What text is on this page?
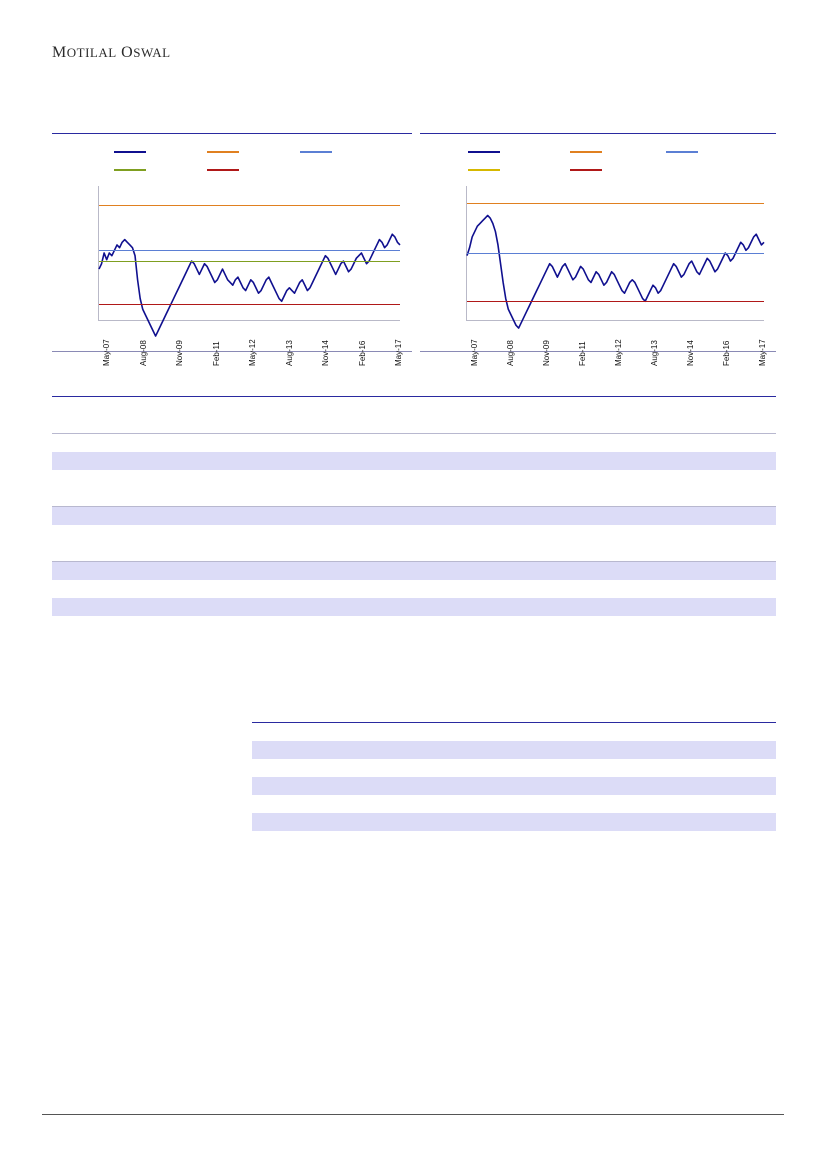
MOTILAL OSWAL
May-07	Aug-08	Nov-09	Feb-11	May-12	Aug-13	Nov-14	Feb-16	May-17	May-07	Aug-08	Nov-09	Feb-11	May-12	Aug-13	Nov-14	Feb-16	May-17
